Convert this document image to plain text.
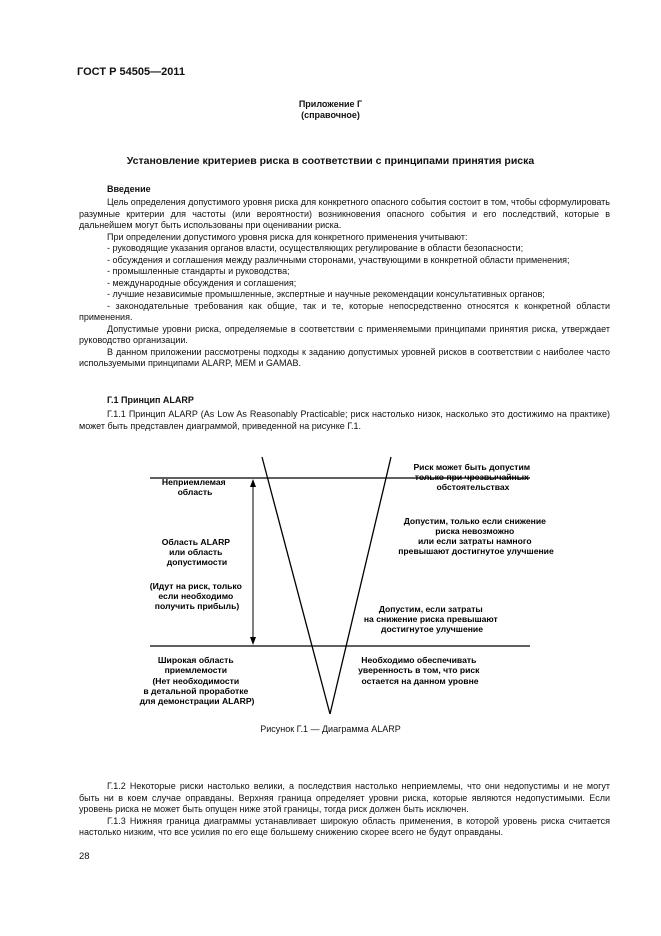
ГОСТ Р 54505—2011
Приложение Г
(справочное)
Установление критериев риска в соответствии с принципами принятия риска
Введение

Цель определения допустимого уровня риска для конкретного опасного события состоит в том, чтобы сформулировать разумные критерии для частоты (или вероятности) возникновения опасного события и его последствий, которые в дальнейшем могут быть использованы при оценивании риска.

При определении допустимого уровня риска для конкретного применения учитывают:

- руководящие указания органов власти, осуществляющих регулирование в области безопасности;

- обсуждения и соглашения между различными сторонами, участвующими в конкретной области применения;

- промышленные стандарты и руководства;

- международные обсуждения и соглашения;

- лучшие независимые промышленные, экспертные и научные рекомендации консультативных органов;

- законодательные требования как общие, так и те, которые непосредственно относятся к конкретной области применения.

Допустимые уровни риска, определяемые в соответствии с применяемыми принципами принятия риска, утверждает руководство организации.

В данном приложении рассмотрены подходы к заданию допустимых уровней рисков в соответствии с наиболее часто используемыми принципами ALARP, MEM и GAMAB.

Г.1 Принцип ALARP

Г.1.1 Принцип ALARP (As Low As Reasonably Practicable; риск настолько низок, насколько это достижимо на практике) может быть представлен диаграммой, приведенной на рисунке Г.1.

Неприемлемая область
Область ALARP или область допустимости
(Идут на риск, только если необходимо получить прибыль)
Широкая область приемлемости (Нет необходимости в детальной проработке для демонстрации ALARP)
Риск может быть допустим только при чрезвычайных обстоятельствах
Допустим, только если снижение риска невозможно или если затраты намного превышают достигнутое улучшение
Допустим, если затраты на снижение риска превышают достигнутое улучшение
Необходимо обеспечивать уверенность в том, что риск остается на данном уровне
Рисунок Г.1 — Диаграмма ALARP

Г.1.2 Некоторые риски настолько велики, а последствия настолько неприемлемы, что они недопустимы и не могут быть ни в коем случае оправданы. Верхняя граница определяет уровни риска, которые являются недопустимыми. Если уровень риска не может быть опущен ниже этой границы, тогда риск должен быть исключен.

Г.1.3 Нижняя граница диаграммы устанавливает широкую область применения, в которой уровень риска считается настолько низким, что все усилия по его еще большему снижению скорее всего не будут оправданы.

28
